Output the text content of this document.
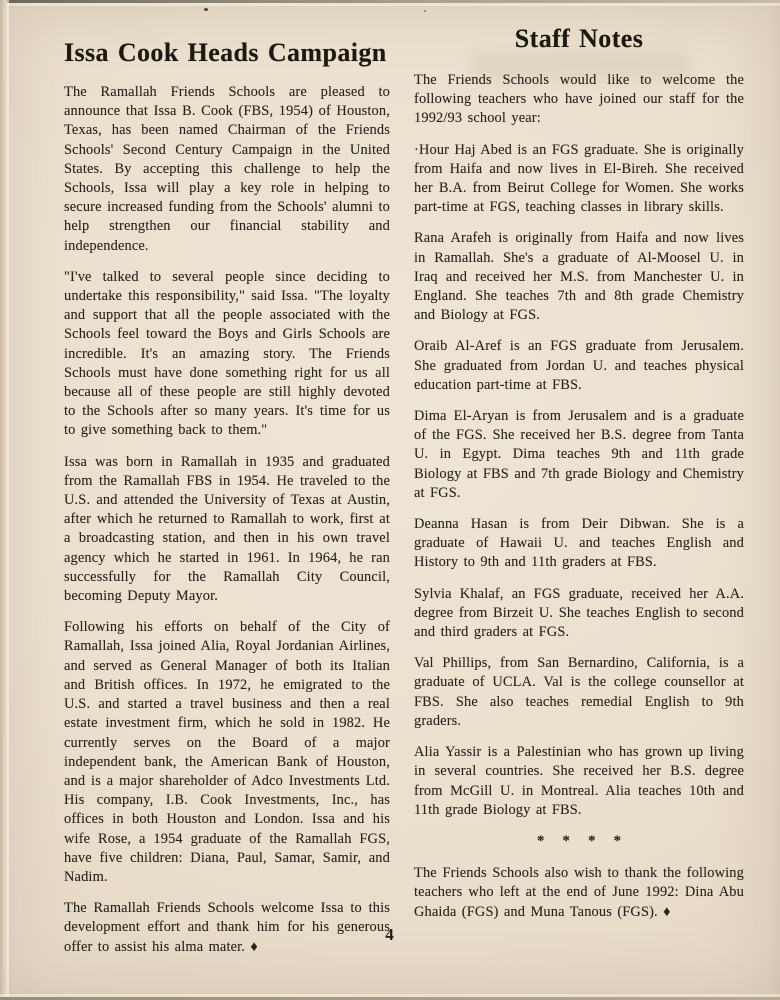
Issa Cook Heads Campaign

The Ramallah Friends Schools are pleased to announce that Issa B. Cook (FBS, 1954) of Houston, Texas, has been named Chairman of the Friends Schools' Second Century Campaign in the United States. By accepting this challenge to help the Schools, Issa will play a key role in helping to secure increased funding from the Schools' alumni to help strengthen our financial stability and independence.

"I've talked to several people since deciding to undertake this responsibility," said Issa. "The loyalty and support that all the people associated with the Schools feel toward the Boys and Girls Schools are incredible. It's an amazing story. The Friends Schools must have done something right for us all because all of these people are still highly devoted to the Schools after so many years. It's time for us to give something back to them."

Issa was born in Ramallah in 1935 and graduated from the Ramallah FBS in 1954. He traveled to the U.S. and attended the University of Texas at Austin, after which he returned to Ramallah to work, first at a broadcasting station, and then in his own travel agency which he started in 1961. In 1964, he ran successfully for the Ramallah City Council, becoming Deputy Mayor.

Following his efforts on behalf of the City of Ramallah, Issa joined Alia, Royal Jordanian Airlines, and served as General Manager of both its Italian and British offices. In 1972, he emigrated to the U.S. and started a travel business and then a real estate investment firm, which he sold in 1982. He currently serves on the Board of a major independent bank, the American Bank of Houston, and is a major shareholder of Adco Investments Ltd. His company, I.B. Cook Investments, Inc., has offices in both Houston and London. Issa and his wife Rose, a 1954 graduate of the Ramallah FGS, have five children: Diana, Paul, Samar, Samir, and Nadim.

The Ramallah Friends Schools welcome Issa to this development effort and thank him for his generous offer to assist his alma mater. ♦

Staff Notes

The Friends Schools would like to welcome the following teachers who have joined our staff for the 1992/93 school year:

·Hour Haj Abed is an FGS graduate. She is originally from Haifa and now lives in El-Bireh. She received her B.A. from Beirut College for Women. She works part-time at FGS, teaching classes in library skills.

Rana Arafeh is originally from Haifa and now lives in Ramallah. She's a graduate of Al-Moosel U. in Iraq and received her M.S. from Manchester U. in England. She teaches 7th and 8th grade Chemistry and Biology at FGS.

Oraib Al-Aref is an FGS graduate from Jerusalem. She graduated from Jordan U. and teaches physical education part-time at FBS.

Dima El-Aryan is from Jerusalem and is a graduate of the FGS. She received her B.S. degree from Tanta U. in Egypt. Dima teaches 9th and 11th grade Biology at FBS and 7th grade Biology and Chemistry at FGS.

Deanna Hasan is from Deir Dibwan. She is a graduate of Hawaii U. and teaches English and History to 9th and 11th graders at FBS.

Sylvia Khalaf, an FGS graduate, received her A.A. degree from Birzeit U. She teaches English to second and third graders at FGS.

Val Phillips, from San Bernardino, California, is a graduate of UCLA. Val is the college counsellor at FBS. She also teaches remedial English to 9th graders.

Alia Yassir is a Palestinian who has grown up living in several countries. She received her B.S. degree from McGill U. in Montreal. Alia teaches 10th and 11th grade Biology at FBS.

* * * *

The Friends Schools also wish to thank the following teachers who left at the end of June 1992: Dina Abu Ghaida (FGS) and Muna Tanous (FGS). ♦

4
